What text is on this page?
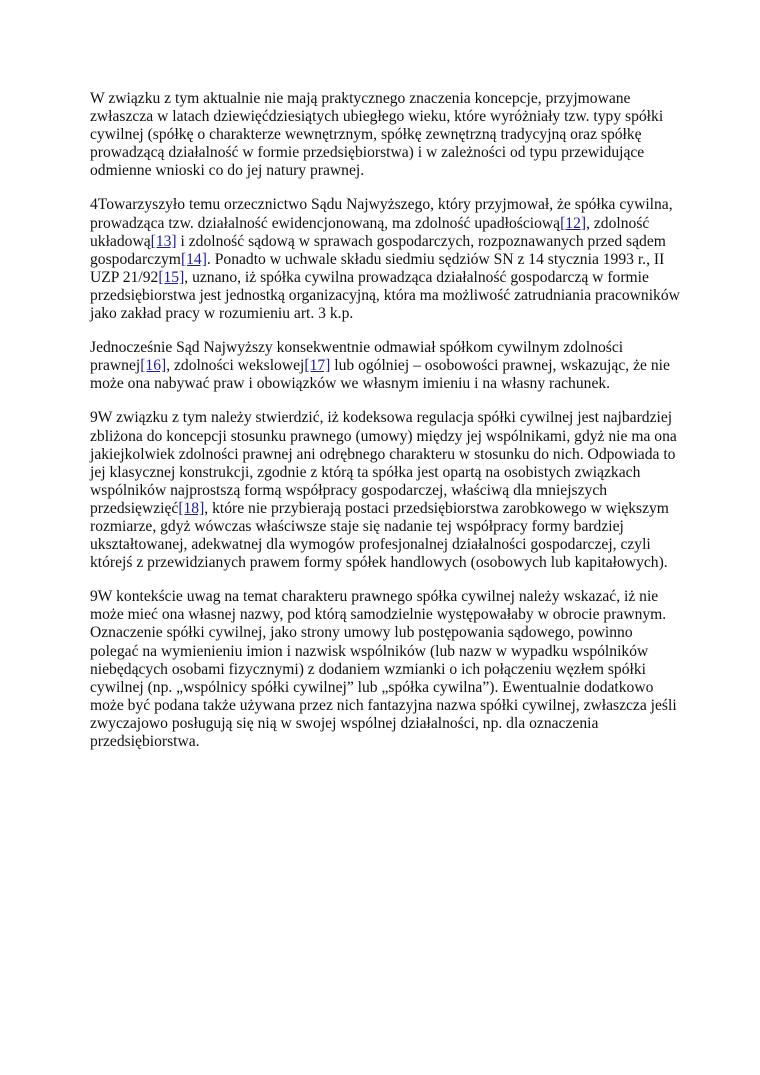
W związku z tym aktualnie nie mają praktycznego znaczenia koncepcje, przyjmowane zwłaszcza w latach dziewięćdziesiątych ubiegłego wieku, które wyróżniały tzw. typy spółki cywilnej (spółkę o charakterze wewnętrznym, spółkę zewnętrzną tradycyjną oraz spółkę prowadzącą działalność w formie przedsiębiorstwa) i w zależności od typu przewidujące odmienne wnioski co do jej natury prawnej.

4Towarzyszyło temu orzecznictwo Sądu Najwyższego, który przyjmował, że spółka cywilna, prowadząca tzw. działalność ewidencjonowaną, ma zdolność upadłościową[12], zdolność układową[13] i zdolność sądową w sprawach gospodarczych, rozpoznawanych przed sądem gospodarczym[14]. Ponadto w uchwale składu siedmiu sędziów SN z 14 stycznia 1993 r., II UZP 21/92[15], uznano, iż spółka cywilna prowadząca działalność gospodarczą w formie przedsiębiorstwa jest jednostką organizacyjną, która ma możliwość zatrudniania pracowników jako zakład pracy w rozumieniu art. 3 k.p.

Jednocześnie Sąd Najwyższy konsekwentnie odmawiał spółkom cywilnym zdolności prawnej[16], zdolności wekslowej[17] lub ogólniej – osobowości prawnej, wskazując, że nie może ona nabywać praw i obowiązków we własnym imieniu i na własny rachunek.

9W związku z tym należy stwierdzić, iż kodeksowa regulacja spółki cywilnej jest najbardziej zbliżona do koncepcji stosunku prawnego (umowy) między jej wspólnikami, gdyż nie ma ona jakiejkolwiek zdolności prawnej ani odrębnego charakteru w stosunku do nich. Odpowiada to jej klasycznej konstrukcji, zgodnie z którą ta spółka jest opartą na osobistych związkach wspólników najprostszą formą współpracy gospodarczej, właściwą dla mniejszych przedsięwzięć[18], które nie przybierają postaci przedsiębiorstwa zarobkowego w większym rozmiarze, gdyż wówczas właściwsze staje się nadanie tej współpracy formy bardziej ukształtowanej, adekwatnej dla wymogów profesjonalnej działalności gospodarczej, czyli którejś z przewidzianych prawem formy spółek handlowych (osobowych lub kapitałowych).

9W kontekście uwag na temat charakteru prawnego spółka cywilnej należy wskazać, iż nie może mieć ona własnej nazwy, pod którą samodzielnie występowałaby w obrocie prawnym. Oznaczenie spółki cywilnej, jako strony umowy lub postępowania sądowego, powinno polegać na wymienieniu imion i nazwisk wspólników (lub nazw w wypadku wspólników niebędących osobami fizycznymi) z dodaniem wzmianki o ich połączeniu węzłem spółki cywilnej (np. „wspólnicy spółki cywilnej” lub „spółka cywilna”). Ewentualnie dodatkowo może być podana także używana przez nich fantazyjna nazwa spółki cywilnej, zwłaszcza jeśli zwyczajowo posługują się nią w swojej wspólnej działalności, np. dla oznaczenia przedsiębiorstwa.
